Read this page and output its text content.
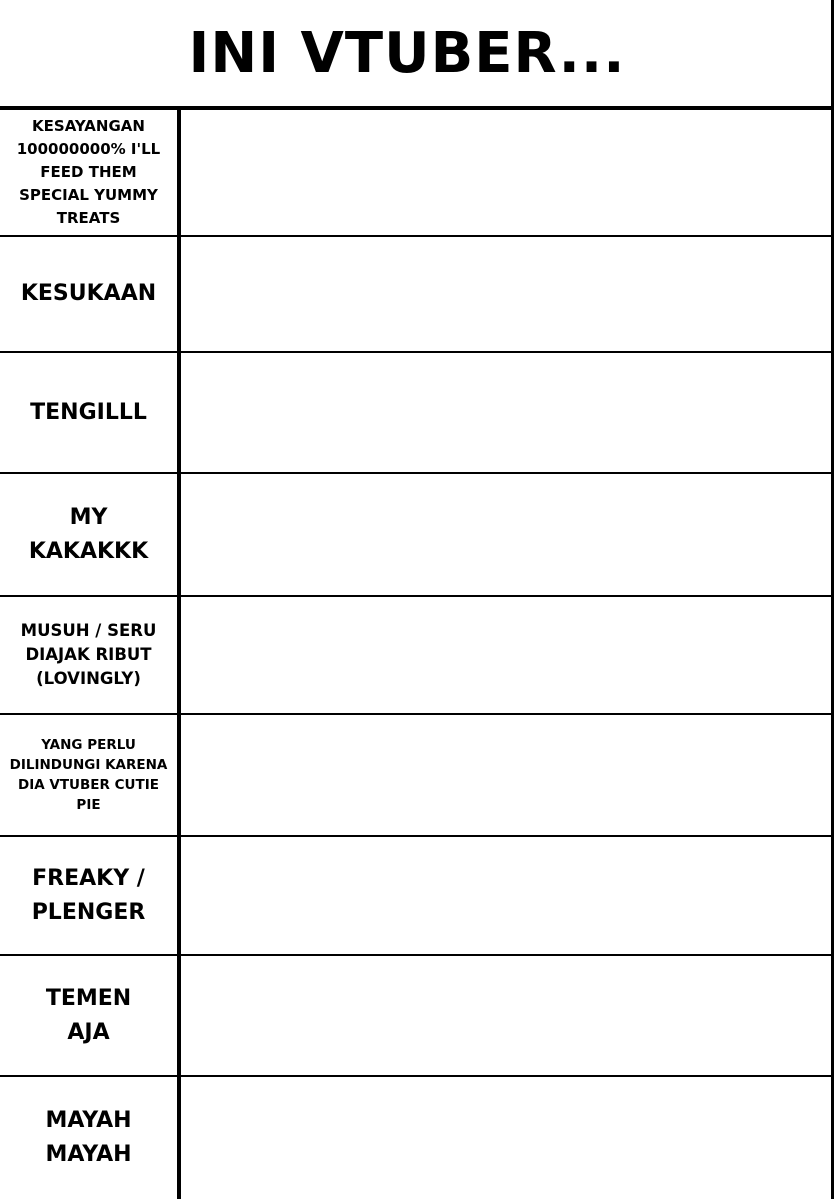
INI VTUBER...
KESAYANGAN
100000000% I'LL
FEED THEM
SPECIAL YUMMY
TREATS
KESUKAAN
TENGILLL
MY
KAKAKKK
MUSUH / SERU
DIAJAK RIBUT
(LOVINGLY)
YANG PERLU
DILINDUNGI KARENA
DIA VTUBER CUTIE
PIE
FREAKY /
PLENGER
TEMEN
AJA
MAYAH
MAYAH
